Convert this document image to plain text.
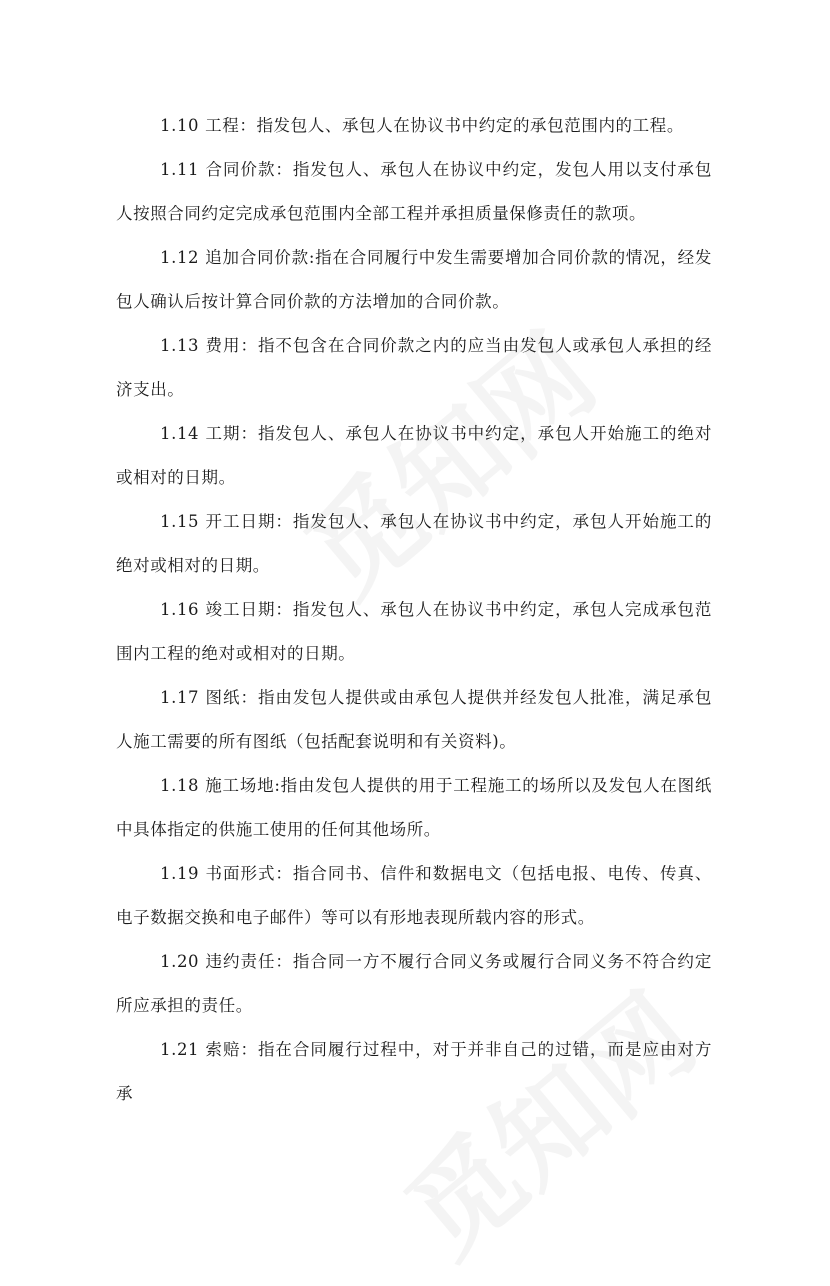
1.10 工程：指发包人、承包人在协议书中约定的承包范围内的工程。

1.11 合同价款：指发包人、承包人在协议中约定，发包人用以支付承包人按照合同约定完成承包范围内全部工程并承担质量保修责任的款项。

1.12 追加合同价款:指在合同履行中发生需要增加合同价款的情况，经发包人确认后按计算合同价款的方法增加的合同价款。

1.13 费用：指不包含在合同价款之内的应当由发包人或承包人承担的经济支出。

1.14 工期：指发包人、承包人在协议书中约定，承包人开始施工的绝对或相对的日期。

1.15 开工日期：指发包人、承包人在协议书中约定，承包人开始施工的绝对或相对的日期。

1.16 竣工日期：指发包人、承包人在协议书中约定，承包人完成承包范围内工程的绝对或相对的日期。

1.17 图纸：指由发包人提供或由承包人提供并经发包人批准，满足承包人施工需要的所有图纸（包括配套说明和有关资料)。

1.18 施工场地:指由发包人提供的用于工程施工的场所以及发包人在图纸中具体指定的供施工使用的任何其他场所。

1.19 书面形式：指合同书、信件和数据电文（包括电报、电传、传真、电子数据交换和电子邮件）等可以有形地表现所载内容的形式。

1.20 违约责任：指合同一方不履行合同义务或履行合同义务不符合约定所应承担的责任。

1.21 索赔：指在合同履行过程中，对于并非自己的过错，而是应由对方承
